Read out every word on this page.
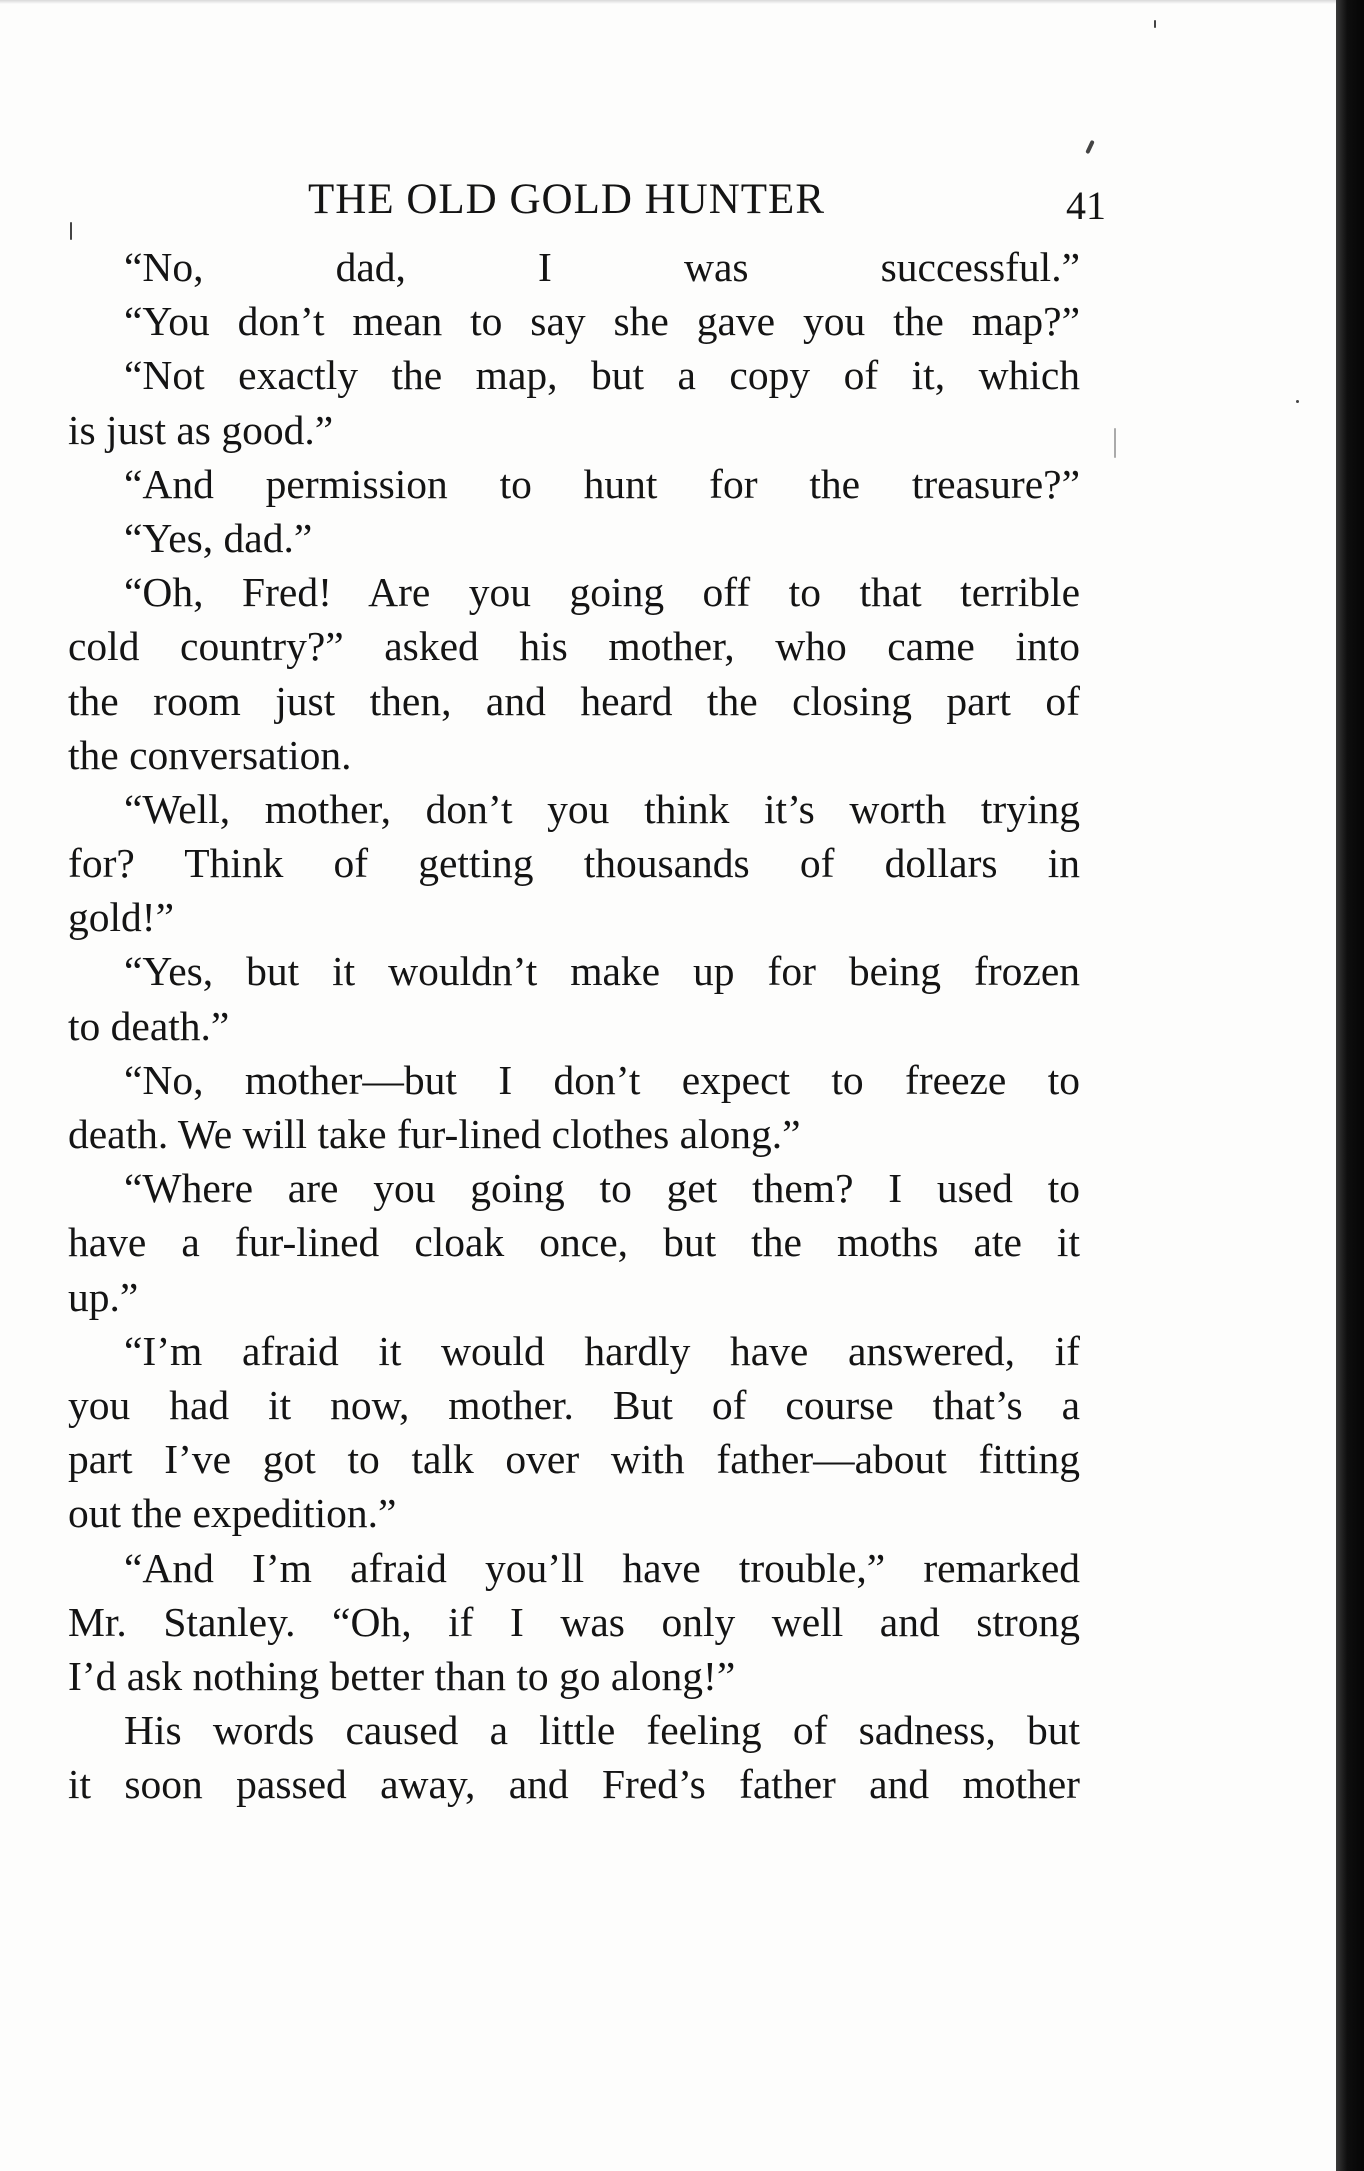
THE OLD GOLD HUNTER	41
“No, dad, I was successful.”
“You don’t mean to say she gave you the map?”
“Not exactly the map, but a copy of it, which
is just as good.”
“And permission to hunt for the treasure?”
“Yes, dad.”
“Oh, Fred! Are you going off to that terrible
cold country?” asked his mother, who came into
the room just then, and heard the closing part of
the conversation.
“Well, mother, don’t you think it’s worth trying
for? Think of getting thousands of dollars in
gold!”
“Yes, but it wouldn’t make up for being frozen
to death.”
“No, mother—but I don’t expect to freeze to
death. We will take fur-lined clothes along.”
“Where are you going to get them? I used to
have a fur-lined cloak once, but the moths ate it
up.”
“I’m afraid it would hardly have answered, if
you had it now, mother. But of course that’s a
part I’ve got to talk over with father—about fitting
out the expedition.”
“And I’m afraid you’ll have trouble,” remarked
Mr. Stanley. “Oh, if I was only well and strong
I’d ask nothing better than to go along!”
His words caused a little feeling of sadness, but
it soon passed away, and Fred’s father and mother
